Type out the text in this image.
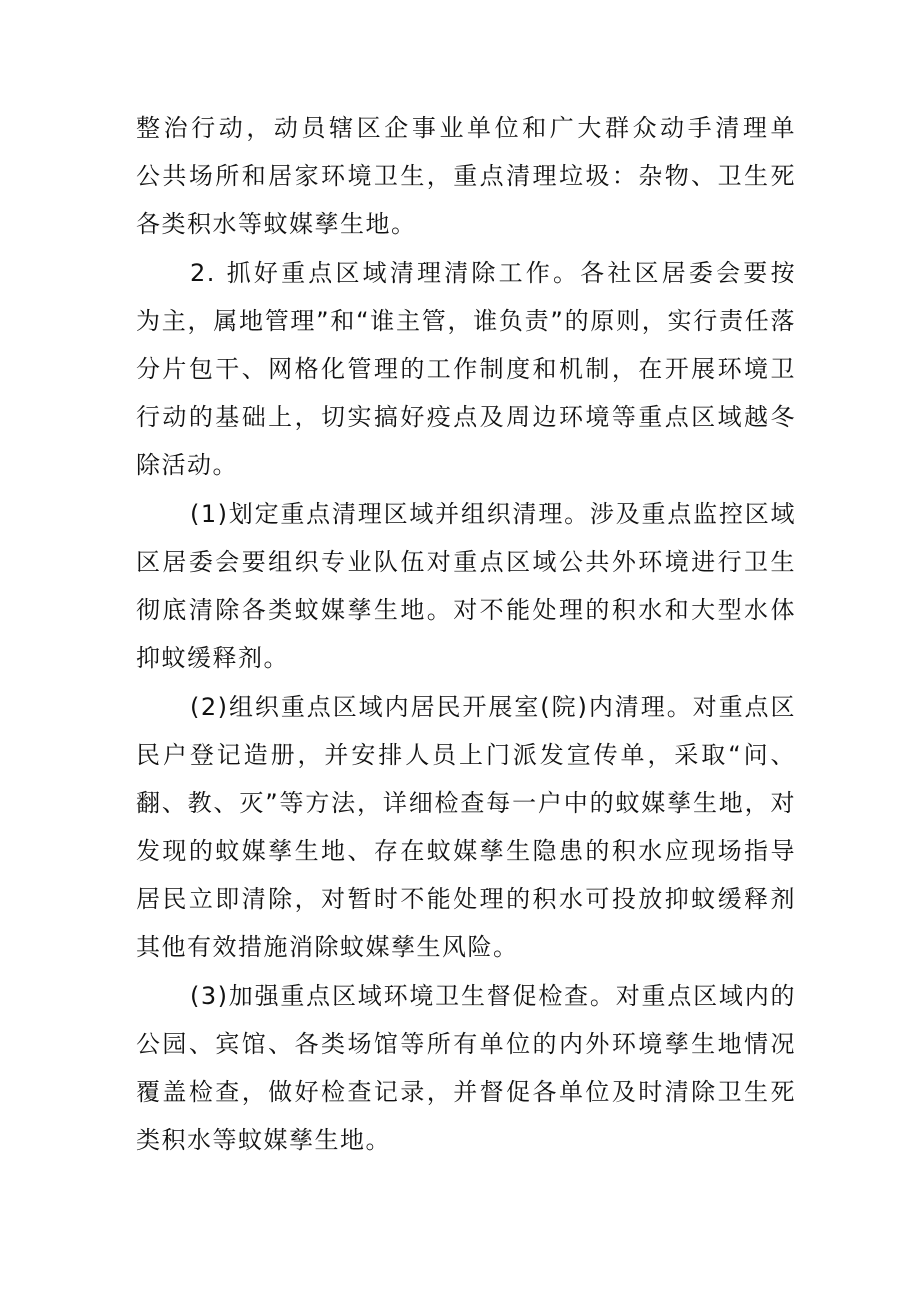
整治行动，动员辖区企事业单位和广大群众动手清理单
公共场所和居家环境卫生，重点清理垃圾：杂物、卫生死
各类积水等蚊媒孳生地。
2. 抓好重点区域清理清除工作。各社区居委会要按
为主，属地管理”和“谁主管，谁负责”的原则，实行责任落
分片包干、网格化管理的工作制度和机制，在开展环境卫
行动的基础上，切实搞好疫点及周边环境等重点区域越冬
除活动。
(1)划定重点清理区域并组织清理。涉及重点监控区域
区居委会要组织专业队伍对重点区域公共外环境进行卫生
彻底清除各类蚊媒孳生地。对不能处理的积水和大型水体
抑蚊缓释剂。
(2)组织重点区域内居民开展室(院)内清理。对重点区
民户登记造册，并安排人员上门派发宣传单，采取“问、
翻、教、灭”等方法，详细检查每一户中的蚊媒孳生地，对
发现的蚊媒孳生地、存在蚊媒孳生隐患的积水应现场指导
居民立即清除，对暂时不能处理的积水可投放抑蚊缓释剂
其他有效措施消除蚊媒孳生风险。
(3)加强重点区域环境卫生督促检查。对重点区域内的
公园、宾馆、各类场馆等所有单位的内外环境孳生地情况
覆盖检查，做好检查记录，并督促各单位及时清除卫生死
类积水等蚊媒孳生地。
